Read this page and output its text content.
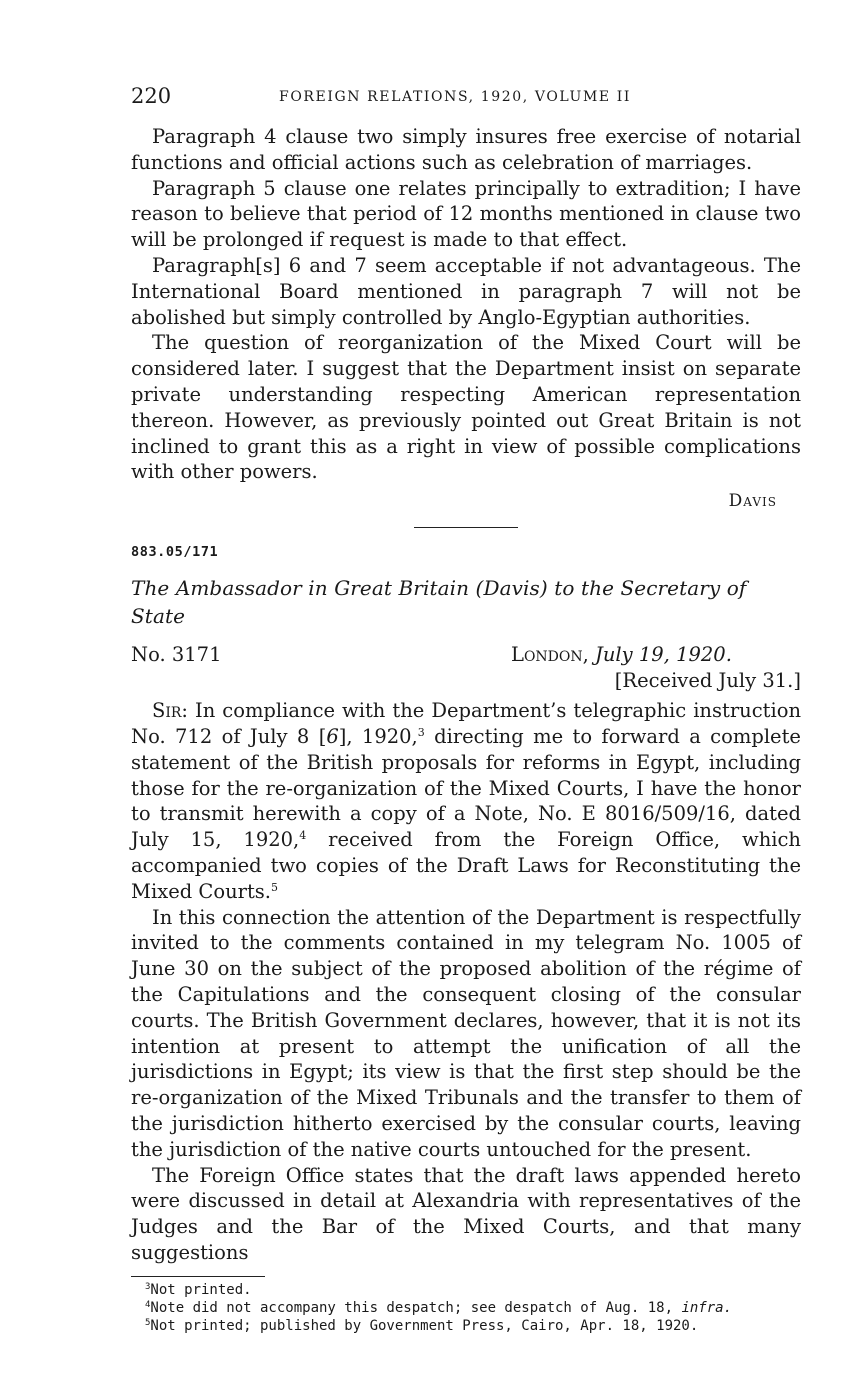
220	FOREIGN RELATIONS, 1920, VOLUME II

Paragraph 4 clause two simply insures free exercise of notarial functions and official actions such as celebration of marriages.

Paragraph 5 clause one relates principally to extradition; I have reason to believe that period of 12 months mentioned in clause two will be prolonged if request is made to that effect.

Paragraph[s] 6 and 7 seem acceptable if not advantageous. The International Board mentioned in paragraph 7 will not be abolished but simply controlled by Anglo-Egyptian authorities.

The question of reorganization of the Mixed Court will be considered later. I suggest that the Department insist on separate private understanding respecting American representation thereon. However, as previously pointed out Great Britain is not inclined to grant this as a right in view of possible complications with other powers.

Davis
883.05/171
The Ambassador in Great Britain (Davis) to the Secretary of State
No. 3171	London, July 19, 1920.
[Received July 31.]

Sir: In compliance with the Department’s telegraphic instruction No. 712 of July 8 [6], 1920,$^3$ directing me to forward a complete statement of the British proposals for reforms in Egypt, including those for the re-organization of the Mixed Courts, I have the honor to transmit herewith a copy of a Note, No. E 8016/509/16, dated July 15, 1920,$^4$ received from the Foreign Office, which accompanied two copies of the Draft Laws for Reconstituting the Mixed Courts.$^5$

In this connection the attention of the Department is respectfully invited to the comments contained in my telegram No. 1005 of June 30 on the subject of the proposed abolition of the régime of the Capitulations and the consequent closing of the consular courts. The British Government declares, however, that it is not its intention at present to attempt the unification of all the jurisdictions in Egypt; its view is that the first step should be the re-organization of the Mixed Tribunals and the transfer to them of the jurisdiction hitherto exercised by the consular courts, leaving the jurisdiction of the native courts untouched for the present.

The Foreign Office states that the draft laws appended hereto were discussed in detail at Alexandria with representatives of the Judges and the Bar of the Mixed Courts, and that many suggestions

$^3$Not printed.
$^4$Note did not accompany this despatch; see despatch of Aug. 18, infra.
$^5$Not printed; published by Government Press, Cairo, Apr. 18, 1920.
